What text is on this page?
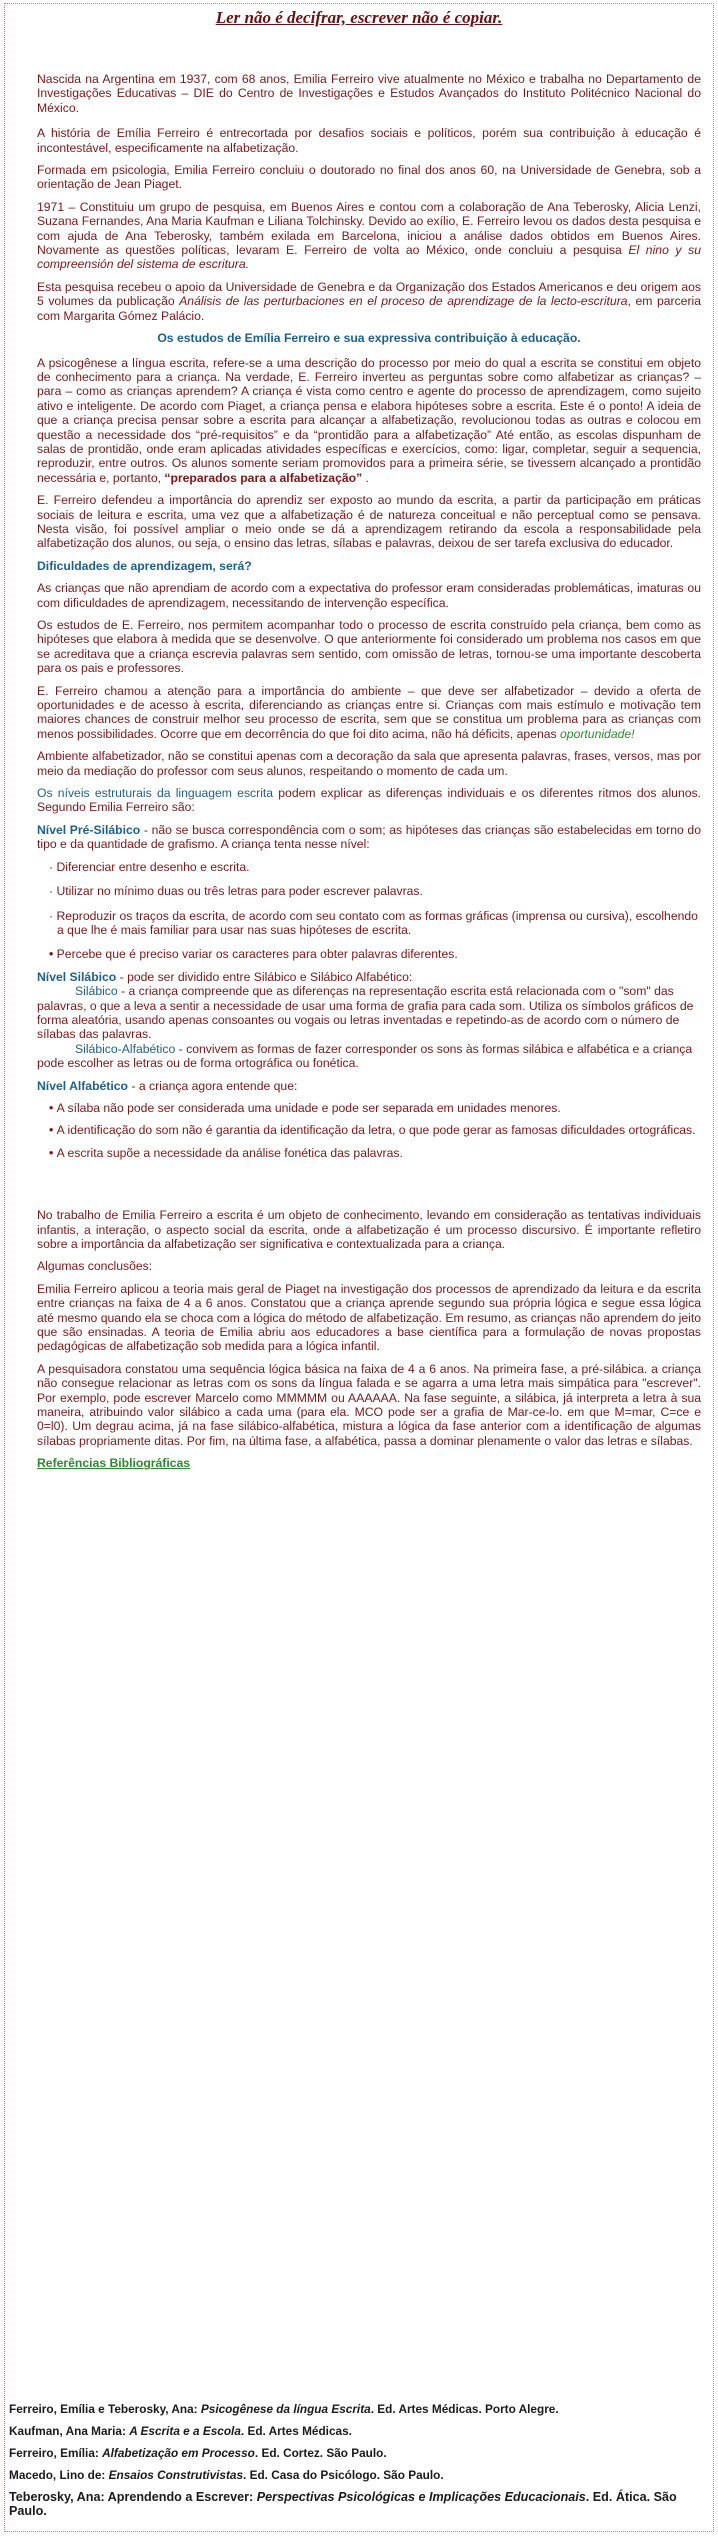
Ler não é decifrar, escrever não é copiar.

Nascida na Argentina em 1937, com 68 anos, Emilia Ferreiro vive atualmente no México e trabalha no Departamento de Investigações Educativas – DIE do Centro de Investigações e Estudos Avançados do Instituto Politécnico Nacional do México.

A história de Emília Ferreiro é entrecortada por desafios sociais e políticos, porém sua contribuição à educação é incontestável, especificamente na alfabetização.

Formada em psicologia, Emilia Ferreiro concluiu o doutorado no final dos anos 60, na Universidade de Genebra, sob a orientação de Jean Piaget.

1971 – Constituiu um grupo de pesquisa, em Buenos Aires e contou com a colaboração de Ana Teberosky, Alicia Lenzi, Suzana Fernandes, Ana Maria Kaufman e Liliana Tolchinsky. Devido ao exílio, E. Ferreiro levou os dados desta pesquisa e com ajuda de Ana Teberosky, também exilada em Barcelona, iniciou a análise dados obtidos em Buenos Aires. Novamente as questões políticas, levaram E. Ferreiro de volta ao México, onde concluiu a pesquisa El nino y su compreensión del sistema de escritura.

Esta pesquisa recebeu o apoio da Universidade de Genebra e da Organização dos Estados Americanos e deu origem aos 5 volumes da publicação Análisis de las perturbaciones en el proceso de aprendizage de la lecto-escritura, em parceria com Margarita Gómez Palácio.

Os estudos de Emília Ferreiro e sua expressiva contribuição à educação.

A psicogênese a língua escrita, refere-se a uma descrição do processo por meio do qual a escrita se constitui em objeto de conhecimento para a criança. Na verdade, E. Ferreiro inverteu as perguntas sobre como alfabetizar as crianças? – para – como as crianças aprendem? A criança é vista como centro e agente do processo de aprendizagem, como sujeito ativo e inteligente. De acordo com Piaget, a criança pensa e elabora hipóteses sobre a escrita. Este é o ponto! A ideia de que a criança precisa pensar sobre a escrita para alcançar a alfabetização, revolucionou todas as outras e colocou em questão a necessidade dos “pré-requisitos” e da “prontidão para a alfabetização” Até então, as escolas dispunham de salas de prontidão, onde eram aplicadas atividades específicas e exercícios, como: ligar, completar, seguir a sequencia, reproduzir, entre outros. Os alunos somente seriam promovidos para a primeira série, se tivessem alcançado a prontidão necessária e, portanto, “preparados para a alfabetização” .

E. Ferreiro defendeu a importância do aprendiz ser exposto ao mundo da escrita, a partir da participação em práticas sociais de leitura e escrita, uma vez que a alfabetização é de natureza conceitual e não perceptual como se pensava. Nesta visão, foi possível ampliar o meio onde se dá a aprendizagem retirando da escola a responsabilidade pela alfabetização dos alunos, ou seja, o ensino das letras, sílabas e palavras, deixou de ser tarefa exclusiva do educador.

Dificuldades de aprendizagem, será?

As crianças que não aprendiam de acordo com a expectativa do professor eram consideradas problemáticas, imaturas ou com dificuldades de aprendizagem, necessitando de intervenção específica.

Os estudos de E. Ferreiro, nos permitem acompanhar todo o processo de escrita construído pela criança, bem como as hipóteses que elabora à medida que se desenvolve. O que anteriormente foi considerado um problema nos casos em que se acreditava que a criança escrevia palavras sem sentido, com omissão de letras, tornou-se uma importante descoberta para os pais e professores.

E. Ferreiro chamou a atenção para a importância do ambiente – que deve ser alfabetizador – devido a oferta de oportunidades e de acesso à escrita, diferenciando as crianças entre si. Crianças com mais estímulo e motivação tem maiores chances de construir melhor seu processo de escrita, sem que se constitua um problema para as crianças com menos possibilidades. Ocorre que em decorrência do que foi dito acima, não há déficits, apenas oportunidade!

Ambiente alfabetizador, não se constitui apenas com a decoração da sala que apresenta palavras, frases, versos, mas por meio da mediação do professor com seus alunos, respeitando o momento de cada um.

Os níveis estruturais da linguagem escrita podem explicar as diferenças individuais e os diferentes ritmos dos alunos. Segundo Emilia Ferreiro são:

Nível Pré-Silábico - não se busca correspondência com o som; as hipóteses das crianças são estabelecidas em torno do tipo e da quantidade de grafismo. A criança tenta nesse nível:

· Diferenciar entre desenho e escrita.
· Utilizar no mínimo duas ou três letras para poder escrever palavras.
· Reproduzir os traços da escrita, de acordo com seu contato com as formas gráficas (imprensa ou cursiva), escolhendo a que lhe é mais familiar para usar nas suas hipóteses de escrita.
• Percebe que é preciso variar os caracteres para obter palavras diferentes.

Nível Silábico - pode ser dividido entre Silábico e Silábico Alfabético:

Silábico - a criança compreende que as diferenças na representação escrita está relacionada com o "som" das palavras, o que a leva a sentir a necessidade de usar uma forma de grafia para cada som. Utiliza os símbolos gráficos de forma aleatória, usando apenas consoantes ou vogais ou letras inventadas e repetindo-as de acordo com o número de sílabas das palavras.

Silábico-Alfabético - convivem as formas de fazer corresponder os sons às formas silábica e alfabética e a criança pode escolher as letras ou de forma ortográfica ou fonética.

Nível Alfabético - a criança agora entende que:

• A sílaba não pode ser considerada uma unidade e pode ser separada em unidades menores.
• A identificação do som não é garantia da identificação da letra, o que pode gerar as famosas dificuldades ortográficas.
• A escrita supõe a necessidade da análise fonética das palavras.

No trabalho de Emilia Ferreiro a escrita é um objeto de conhecimento, levando em consideração as tentativas individuais infantis, a interação, o aspecto social da escrita, onde a alfabetização é um processo discursivo. É importante refletiro sobre a importância da alfabetização ser significativa e contextualizada para a criança.

Algumas conclusões:

Emilia Ferreiro aplicou a teoria mais geral de Piaget na investigação dos processos de aprendizado da leitura e da escrita entre crianças na faixa de 4 a 6 anos. Constatou que a criança aprende segundo sua própria lógica e segue essa lógica até mesmo quando ela se choca com a lógica do método de alfabetização. Em resumo, as crianças não aprendem do jeito que são ensinadas. A teoria de Emilia abriu aos educadores a base científica para a formulação de novas propostas pedagógicas de alfabetização sob medida para a lógica infantil.

A pesquisadora constatou uma sequência lógica básica na faixa de 4 a 6 anos. Na primeira fase, a pré-silábica. a criança não consegue relacionar as letras com os sons da língua falada e se agarra a uma letra mais simpática para "escrever". Por exemplo, pode escrever Marcelo como MMMMM ou AAAAAA. Na fase seguinte, a silábica, já interpreta a letra à sua maneira, atribuindo valor silábico a cada uma (para ela. MCO pode ser a grafia de Mar-ce-lo. em que M=mar, C=ce e 0=l0). Um degrau acima, já na fase silábico-alfabética, mistura a lógica da fase anterior com a identificação de algumas sílabas propriamente ditas. Por fim, na última fase, a alfabética, passa a dominar plenamente o valor das letras e sílabas.

Referências Bibliográficas

Ferreiro, Emília e Teberosky, Ana: Psicogênese da língua Escrita. Ed. Artes Médicas. Porto Alegre.

Kaufman, Ana Maria: A Escrita e a Escola. Ed. Artes Médicas.

Ferreiro, Emília: Alfabetização em Processo. Ed. Cortez. São Paulo.

Macedo, Lino de: Ensaios Construtivistas. Ed. Casa do Psicólogo. São Paulo.

Teberosky, Ana: Aprendendo a Escrever: Perspectivas Psicológicas e Implicações Educacionais. Ed. Ática. São Paulo.
